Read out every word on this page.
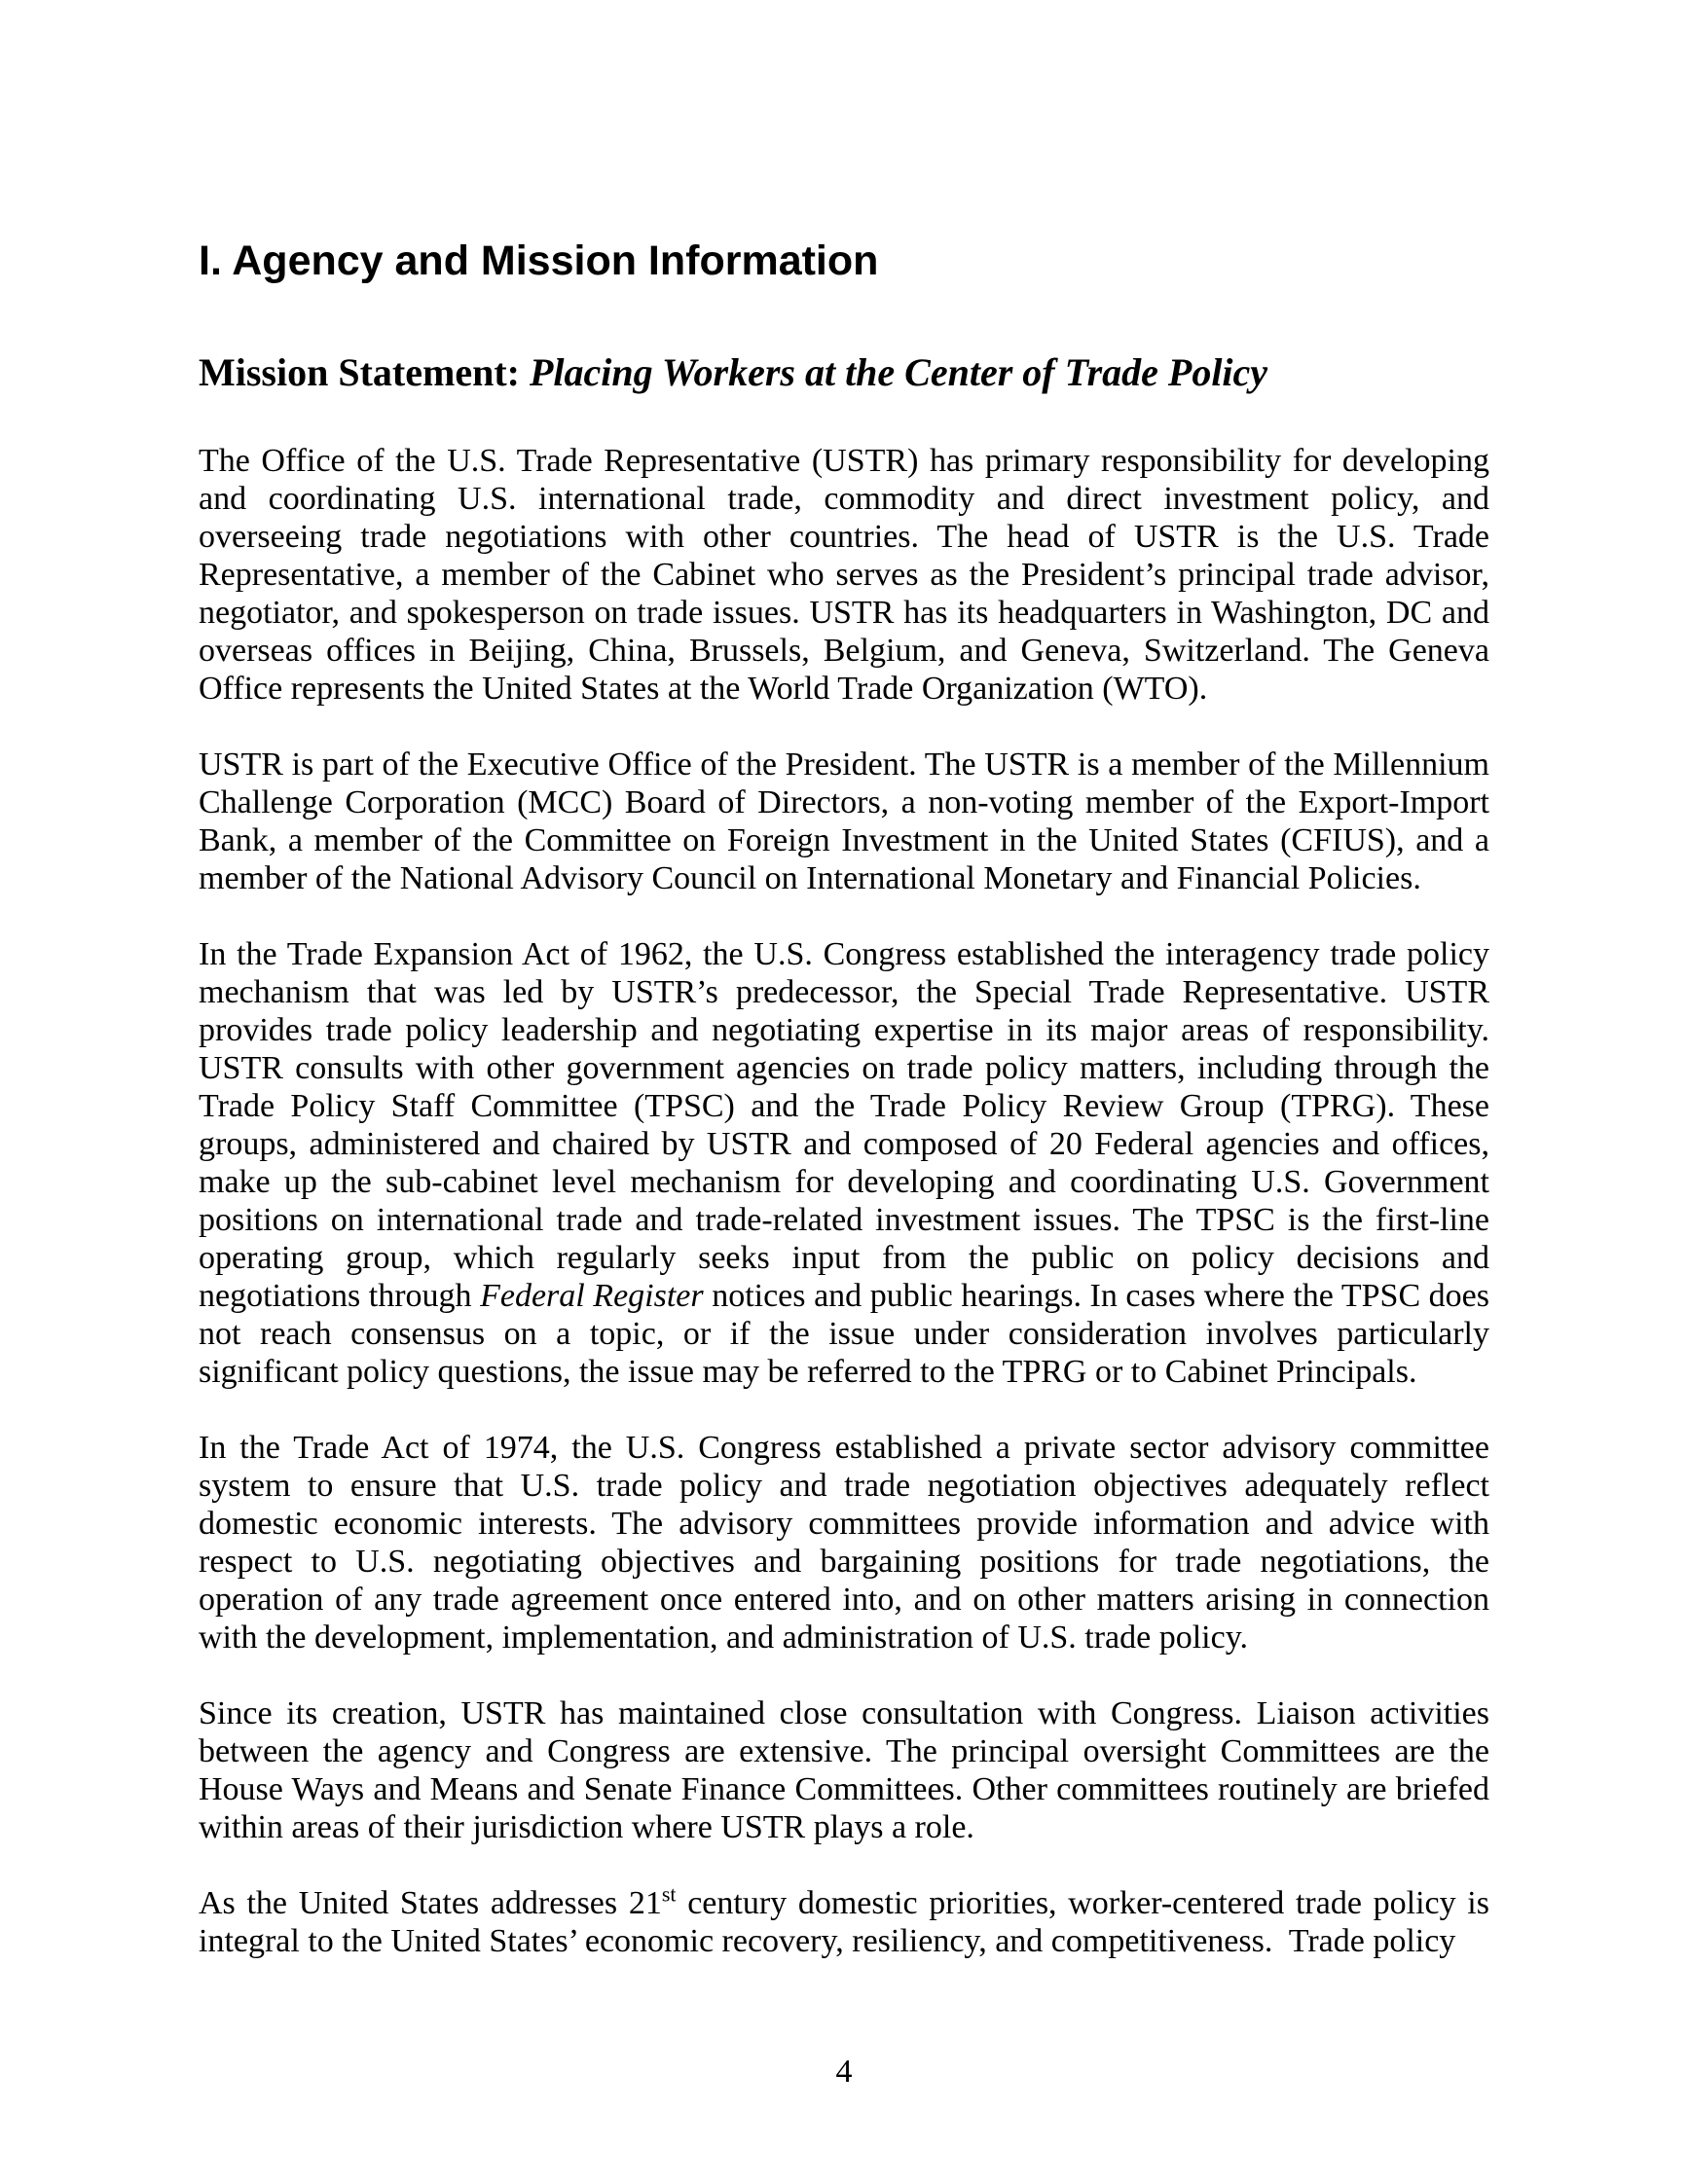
I. Agency and Mission Information
Mission Statement: Placing Workers at the Center of Trade Policy

The Office of the U.S. Trade Representative (USTR) has primary responsibility for developing and coordinating U.S. international trade, commodity and direct investment policy, and overseeing trade negotiations with other countries. The head of USTR is the U.S. Trade Representative, a member of the Cabinet who serves as the President’s principal trade advisor, negotiator, and spokesperson on trade issues. USTR has its headquarters in Washington, DC and overseas offices in Beijing, China, Brussels, Belgium, and Geneva, Switzerland. The Geneva Office represents the United States at the World Trade Organization (WTO).

USTR is part of the Executive Office of the President. The USTR is a member of the Millennium Challenge Corporation (MCC) Board of Directors, a non-voting member of the Export-Import Bank, a member of the Committee on Foreign Investment in the United States (CFIUS), and a member of the National Advisory Council on International Monetary and Financial Policies.

In the Trade Expansion Act of 1962, the U.S. Congress established the interagency trade policy mechanism that was led by USTR’s predecessor, the Special Trade Representative. USTR provides trade policy leadership and negotiating expertise in its major areas of responsibility. USTR consults with other government agencies on trade policy matters, including through the Trade Policy Staff Committee (TPSC) and the Trade Policy Review Group (TPRG). These groups, administered and chaired by USTR and composed of 20 Federal agencies and offices, make up the sub-cabinet level mechanism for developing and coordinating U.S. Government positions on international trade and trade-related investment issues. The TPSC is the first-line operating group, which regularly seeks input from the public on policy decisions and negotiations through Federal Register notices and public hearings. In cases where the TPSC does not reach consensus on a topic, or if the issue under consideration involves particularly significant policy questions, the issue may be referred to the TPRG or to Cabinet Principals.

In the Trade Act of 1974, the U.S. Congress established a private sector advisory committee system to ensure that U.S. trade policy and trade negotiation objectives adequately reflect domestic economic interests. The advisory committees provide information and advice with respect to U.S. negotiating objectives and bargaining positions for trade negotiations, the operation of any trade agreement once entered into, and on other matters arising in connection with the development, implementation, and administration of U.S. trade policy.

Since its creation, USTR has maintained close consultation with Congress. Liaison activities between the agency and Congress are extensive. The principal oversight Committees are the House Ways and Means and Senate Finance Committees. Other committees routinely are briefed within areas of their jurisdiction where USTR plays a role.

As the United States addresses 21st century domestic priorities, worker-centered trade policy is integral to the United States’ economic recovery, resiliency, and competitiveness.  Trade policy

4
